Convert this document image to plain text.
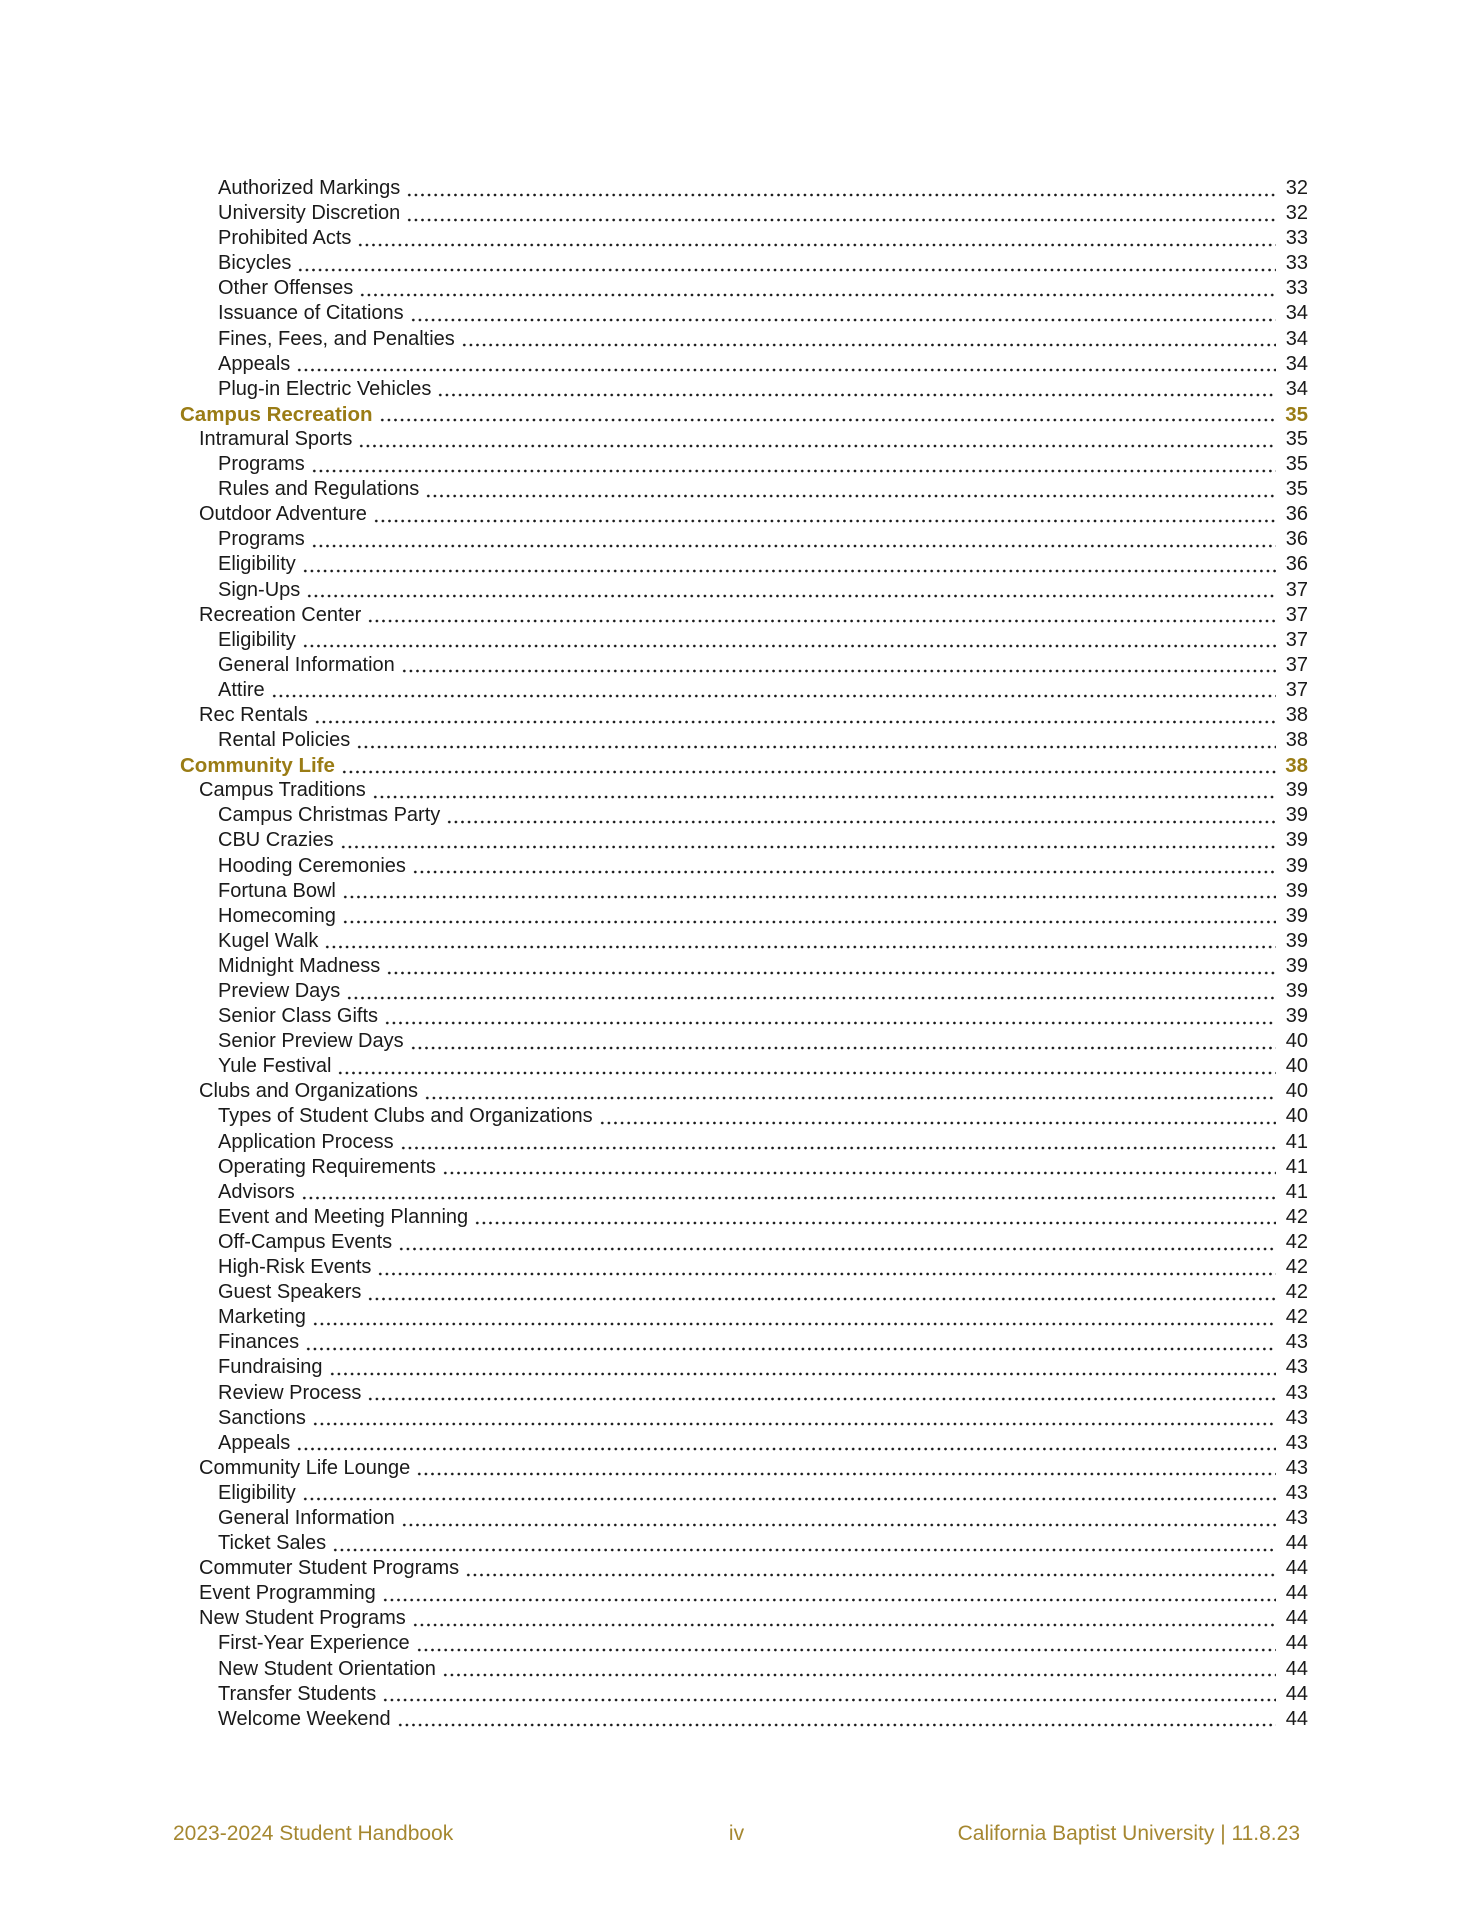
Authorized Markings	32
University Discretion	32
Prohibited Acts	33
Bicycles	33
Other Offenses	33
Issuance of Citations	34
Fines, Fees, and Penalties	34
Appeals	34
Plug-in Electric Vehicles	34
Campus Recreation	35
Intramural Sports	35
Programs	35
Rules and Regulations	35
Outdoor Adventure	36
Programs	36
Eligibility	36
Sign-Ups	37
Recreation Center	37
Eligibility	37
General Information	37
Attire	37
Rec Rentals	38
Rental Policies	38
Community Life	38
Campus Traditions	39
Campus Christmas Party	39
CBU Crazies	39
Hooding Ceremonies	39
Fortuna Bowl	39
Homecoming	39
Kugel Walk	39
Midnight Madness	39
Preview Days	39
Senior Class Gifts	39
Senior Preview Days	40
Yule Festival	40
Clubs and Organizations	40
Types of Student Clubs and Organizations	40
Application Process	41
Operating Requirements	41
Advisors	41
Event and Meeting Planning	42
Off-Campus Events	42
High-Risk Events	42
Guest Speakers	42
Marketing	42
Finances	43
Fundraising	43
Review Process	43
Sanctions	43
Appeals	43
Community Life Lounge	43
Eligibility	43
General Information	43
Ticket Sales	44
Commuter Student Programs	44
Event Programming	44
New Student Programs	44
First-Year Experience	44
New Student Orientation	44
Transfer Students	44
Welcome Weekend	44
2023-2024 Student Handbook	iv	California Baptist University | 11.8.23
